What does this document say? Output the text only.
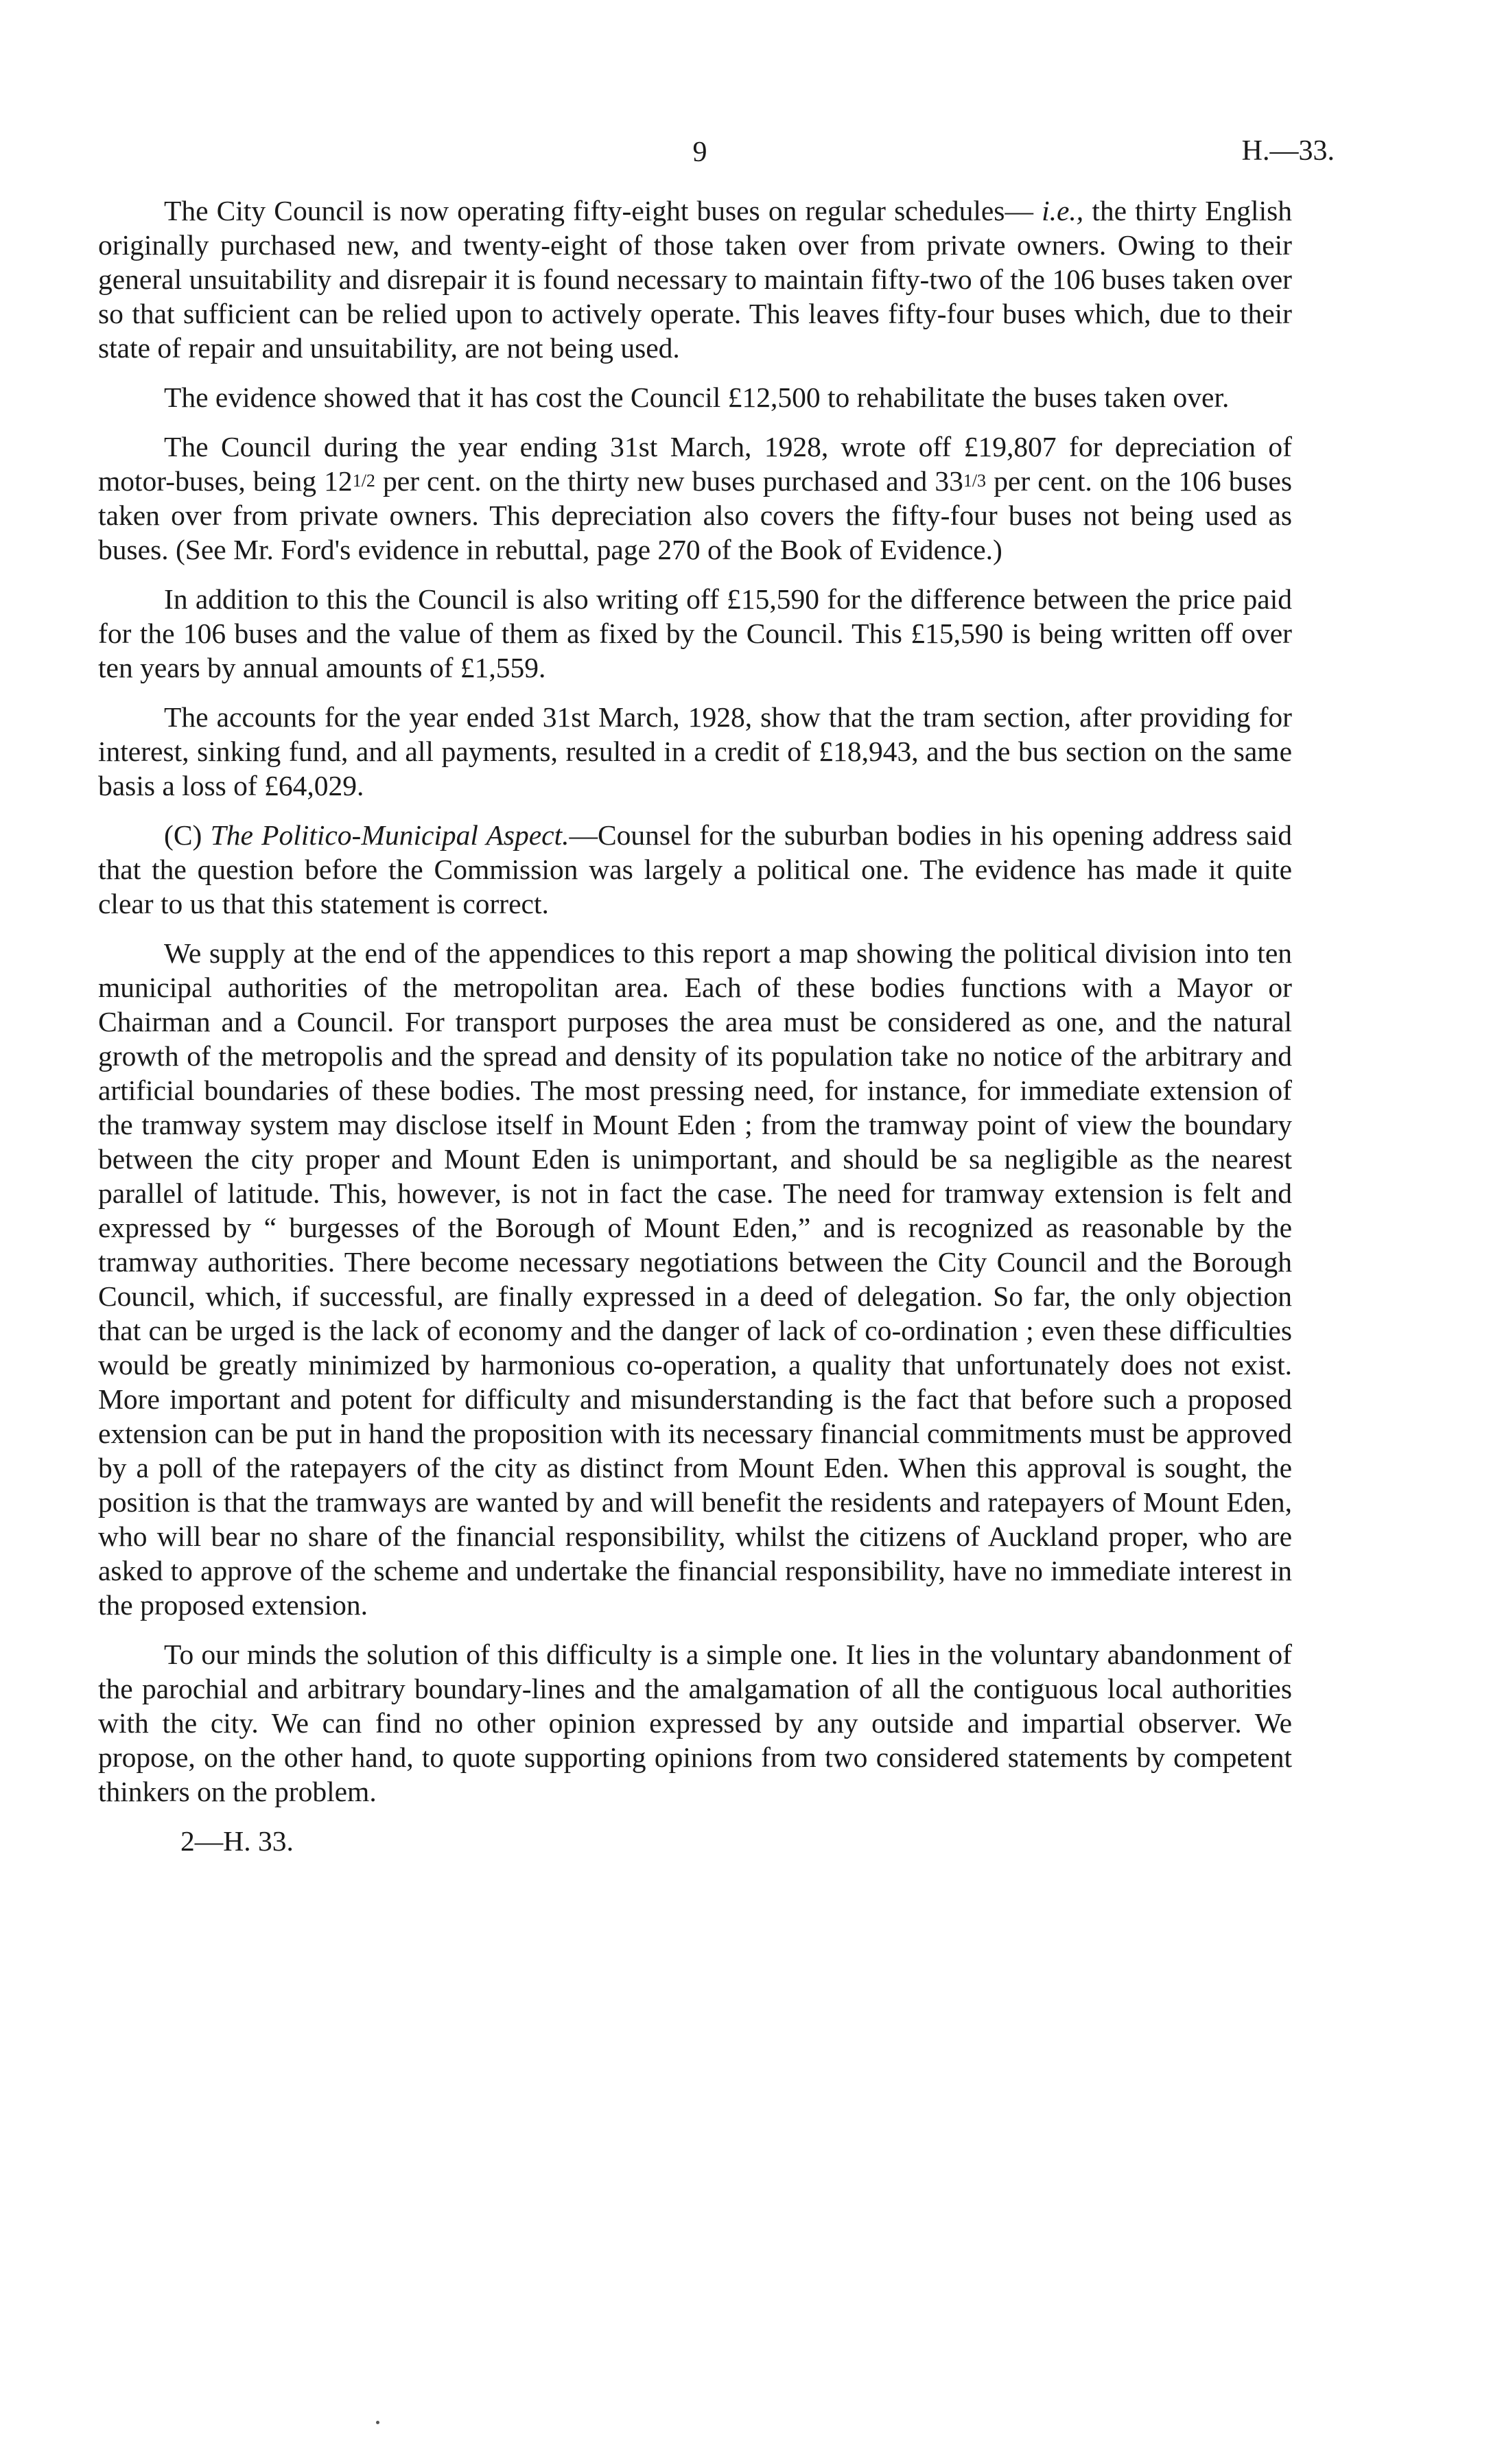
9	H.—33.

The City Council is now operating fifty-eight buses on regular schedules— i.e., the thirty English originally purchased new, and twenty-eight of those taken over from private owners. Owing to their general unsuitability and disrepair it is found necessary to maintain fifty-two of the 106 buses taken over so that sufficient can be relied upon to actively operate. This leaves fifty-four buses which, due to their state of repair and unsuitability, are not being used.

The evidence showed that it has cost the Council £12,500 to rehabilitate the buses taken over.

The Council during the year ending 31st March, 1928, wrote off £19,807 for depreciation of motor-buses, being 121/2 per cent. on the thirty new buses purchased and 331/3 per cent. on the 106 buses taken over from private owners. This depreciation also covers the fifty-four buses not being used as buses. (See Mr. Ford's evidence in rebuttal, page 270 of the Book of Evidence.)

In addition to this the Council is also writing off £15,590 for the difference between the price paid for the 106 buses and the value of them as fixed by the Council. This £15,590 is being written off over ten years by annual amounts of £1,559.

The accounts for the year ended 31st March, 1928, show that the tram section, after providing for interest, sinking fund, and all payments, resulted in a credit of £18,943, and the bus section on the same basis a loss of £64,029.

(C) The Politico-Municipal Aspect.—Counsel for the suburban bodies in his opening address said that the question before the Commission was largely a political one. The evidence has made it quite clear to us that this statement is correct.

We supply at the end of the appendices to this report a map showing the political division into ten municipal authorities of the metropolitan area. Each of these bodies functions with a Mayor or Chairman and a Council. For transport purposes the area must be considered as one, and the natural growth of the metropolis and the spread and density of its population take no notice of the arbitrary and artificial boundaries of these bodies. The most pressing need, for instance, for immediate extension of the tramway system may disclose itself in Mount Eden ; from the tramway point of view the boundary between the city proper and Mount Eden is unimportant, and should be sa negligible as the nearest parallel of latitude. This, however, is not in fact the case. The need for tramway extension is felt and expressed by “ burgesses of the Borough of Mount Eden,” and is recognized as reasonable by the tramway authorities. There become necessary negotiations between the City Council and the Borough Council, which, if successful, are finally expressed in a deed of delegation. So far, the only objection that can be urged is the lack of economy and the danger of lack of co-ordination ; even these difficulties would be greatly minimized by harmonious co-operation, a quality that unfortunately does not exist. More important and potent for difficulty and misunderstanding is the fact that before such a proposed extension can be put in hand the proposition with its necessary financial commitments must be approved by a poll of the ratepayers of the city as distinct from Mount Eden. When this approval is sought, the position is that the tramways are wanted by and will benefit the residents and ratepayers of Mount Eden, who will bear no share of the financial responsibility, whilst the citizens of Auckland proper, who are asked to approve of the scheme and undertake the financial responsibility, have no immediate interest in the proposed extension.

To our minds the solution of this difficulty is a simple one. It lies in the voluntary abandonment of the parochial and arbitrary boundary-lines and the amalgamation of all the contiguous local authorities with the city. We can find no other opinion expressed by any outside and impartial observer. We propose, on the other hand, to quote supporting opinions from two considered statements by competent thinkers on the problem.

2—H. 33.
